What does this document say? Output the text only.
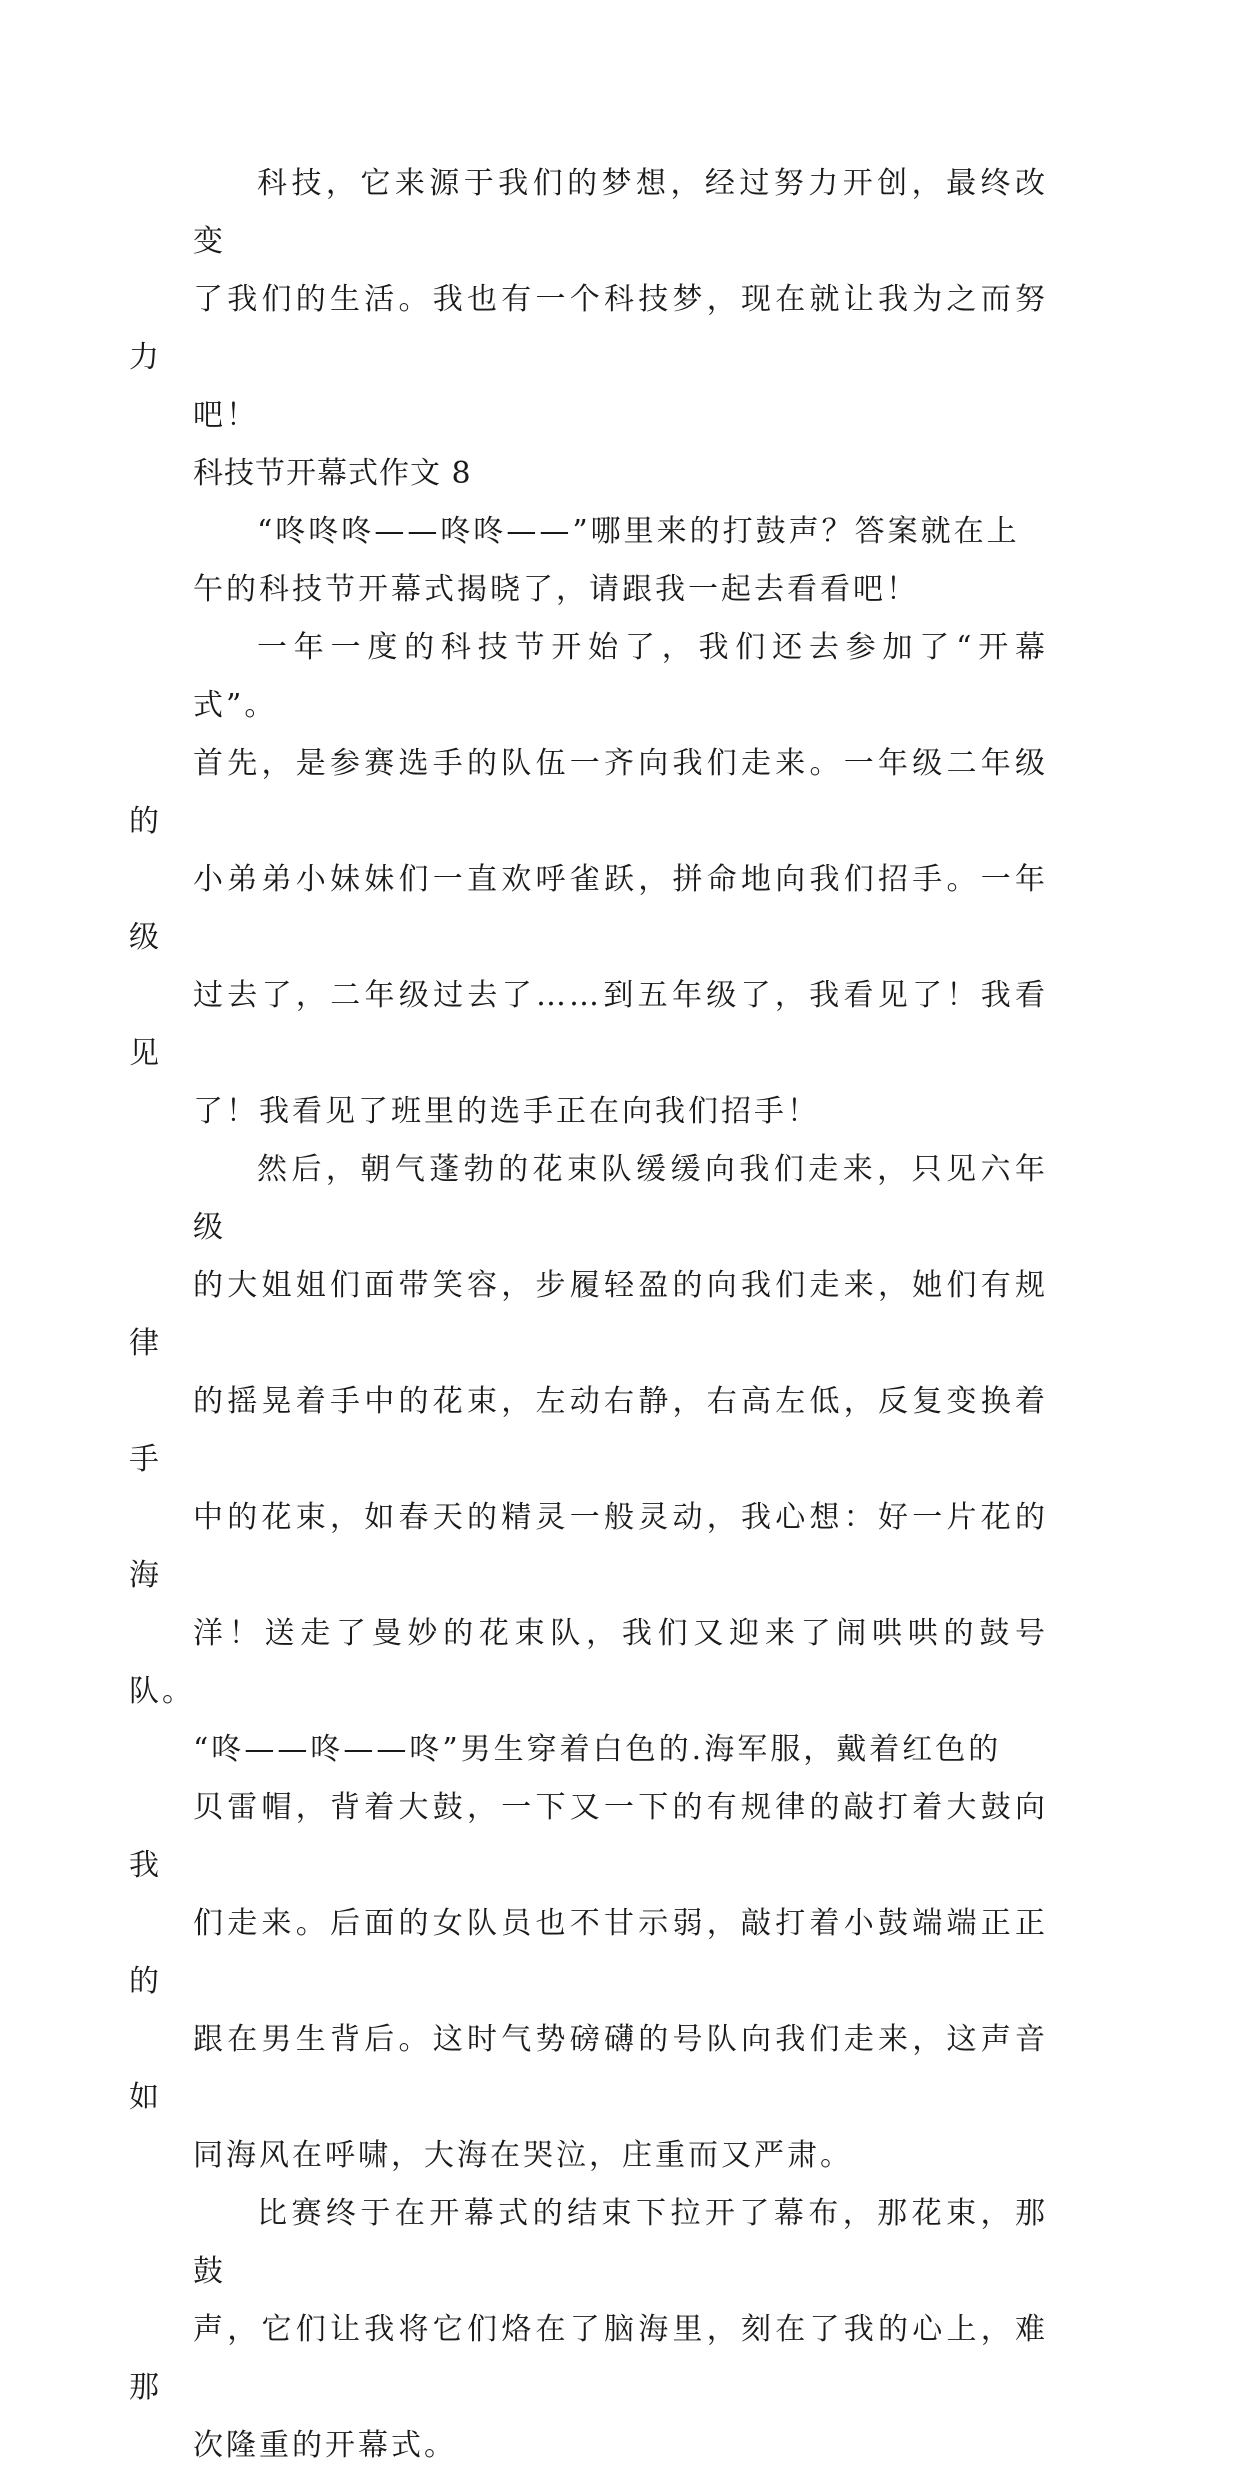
科技，它来源于我们的梦想，经过努力开创，最终改变
了我们的生活。我也有一个科技梦，现在就让我为之而努力
吧！

科技节开幕式作文 8

“咚咚咚——咚咚——”哪里来的打鼓声？答案就在上
午的科技节开幕式揭晓了，请跟我一起去看看吧！

一年一度的科技节开始了，我们还去参加了“开幕式”。
首先，是参赛选手的队伍一齐向我们走来。一年级二年级的
小弟弟小妹妹们一直欢呼雀跃，拼命地向我们招手。一年级
过去了，二年级过去了……到五年级了，我看见了！我看见
了！我看见了班里的选手正在向我们招手！

然后，朝气蓬勃的花束队缓缓向我们走来，只见六年级
的大姐姐们面带笑容，步履轻盈的向我们走来，她们有规律
的摇晃着手中的花束，左动右静，右高左低，反复变换着手
中的花束，如春天的精灵一般灵动，我心想：好一片花的海
洋！送走了曼妙的花束队，我们又迎来了闹哄哄的鼓号队。
“咚——咚——咚”男生穿着白色的.海军服，戴着红色的
贝雷帽，背着大鼓，一下又一下的有规律的敲打着大鼓向我
们走来。后面的女队员也不甘示弱，敲打着小鼓端端正正的
跟在男生背后。这时气势磅礴的号队向我们走来，这声音如
同海风在呼啸，大海在哭泣，庄重而又严肃。

比赛终于在开幕式的结束下拉开了幕布，那花束，那鼓
声，它们让我将它们烙在了脑海里，刻在了我的心上，难那
次隆重的开幕式。
